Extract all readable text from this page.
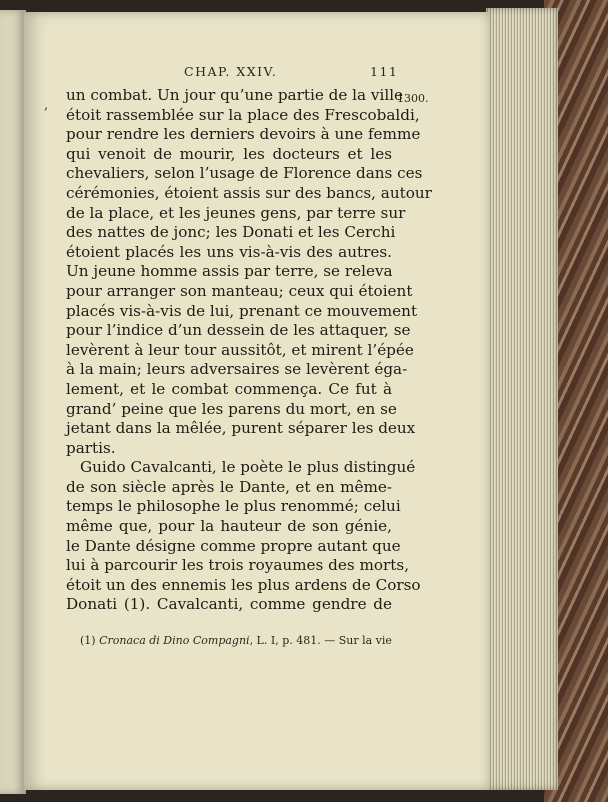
CHAP. XXIV.	111
1300.
,
un combat. Un jour qu’une partie de la ville
étoit rassemblée sur la place des Frescobaldi,
pour rendre les derniers devoirs à une femme
qui venoit de mourir, les docteurs et les
chevaliers, selon l’usage de Florence dans ces
cérémonies, étoient assis sur des bancs, autour
de la place, et les jeunes gens, par terre sur
des nattes de jonc; les Donati et les Cerchi
étoient placés les uns vis-à-vis des autres.
Un jeune homme assis par terre, se releva
pour arranger son manteau; ceux qui étoient
placés vis-à-vis de lui, prenant ce mouvement
pour l’indice d’un dessein de les attaquer, se
levèrent à leur tour aussitôt, et mirent l’épée
à la main; leurs adversaires se levèrent éga-
lement, et le combat commença. Ce fut à
grand’ peine que les parens du mort, en se
jetant dans la mêlée, purent séparer les deux
partis.
Guido Cavalcanti, le poète le plus distingué
de son siècle après le Dante, et en même-
temps le philosophe le plus renommé; celui
même que, pour la hauteur de son génie,
le Dante désigne comme propre autant que
lui à parcourir les trois royaumes des morts,
étoit un des ennemis les plus ardens de Corso
Donati (1). Cavalcanti, comme gendre de
(1) Cronaca di Dino Compagni, L. I, p. 481. — Sur la vie
